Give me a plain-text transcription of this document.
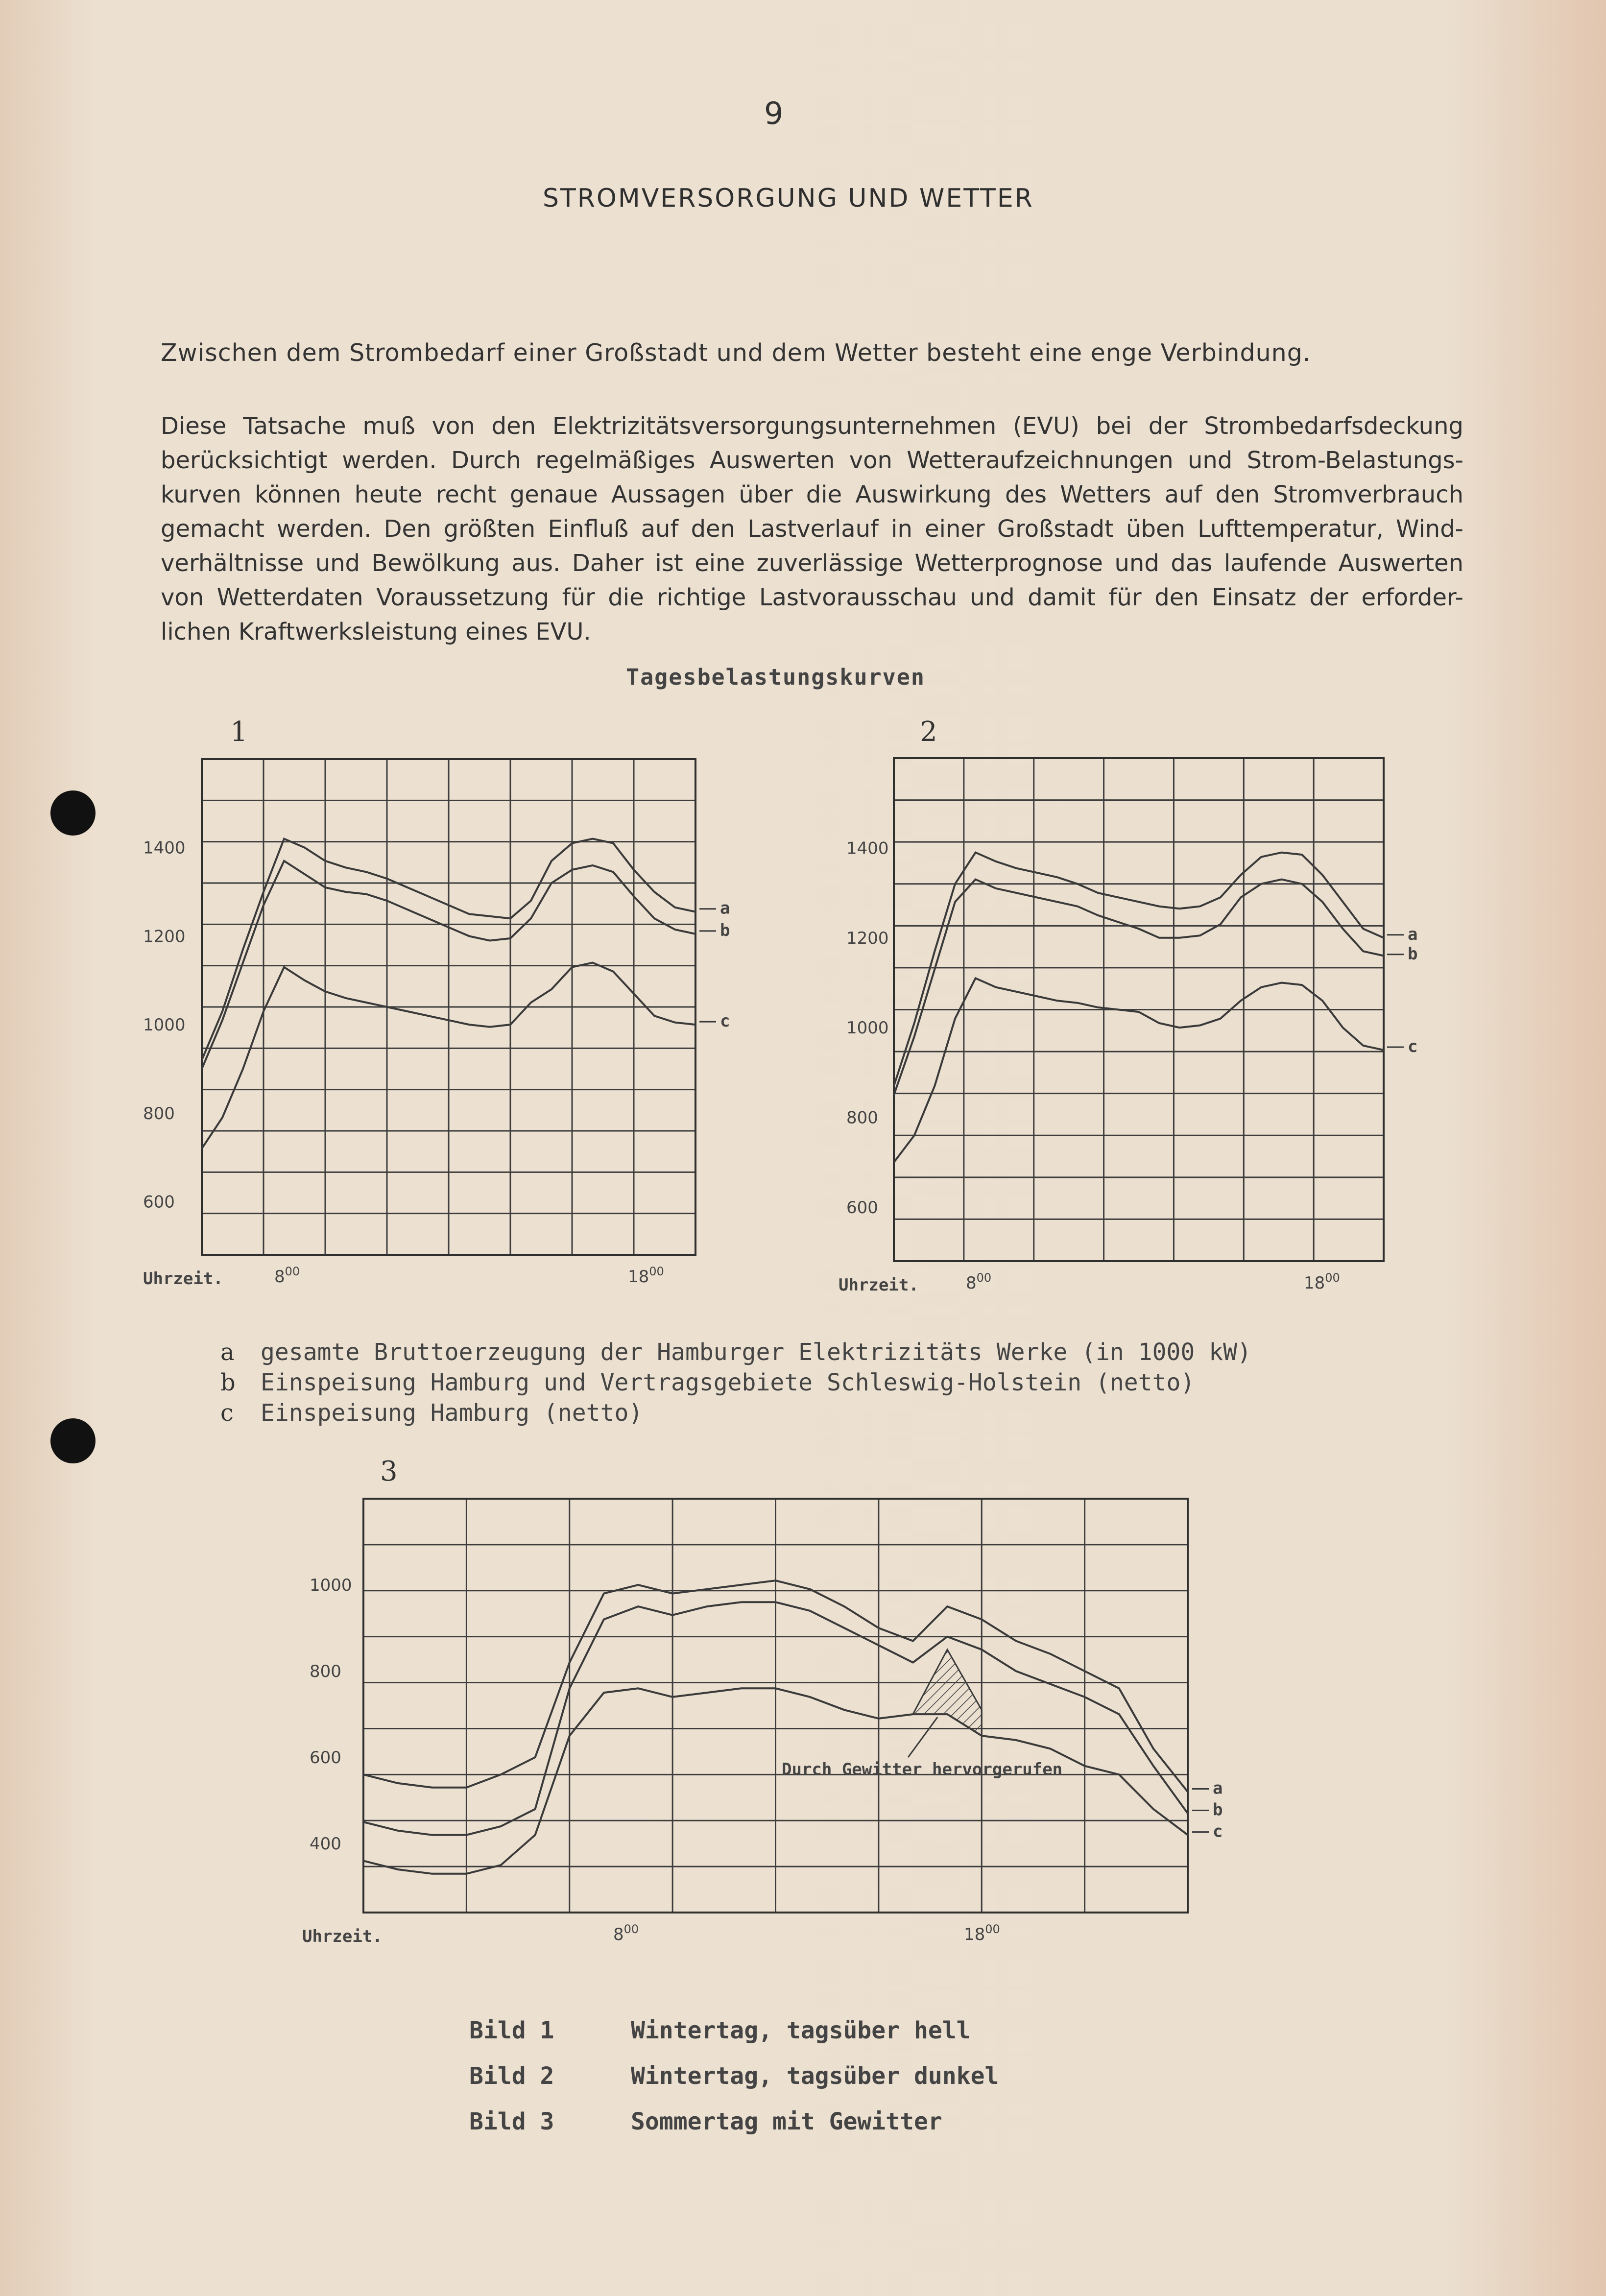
9
STROMVERSORGUNG UND WETTER
Zwischen dem Strombedarf einer Großstadt und dem Wetter besteht eine enge Verbindung.
Diese Tatsache muß von den Elektrizitätsversorgungsunternehmen (EVU) bei der Strombedarfsdeckung
berücksichtigt werden. Durch regelmäßiges Auswerten von Wetteraufzeichnungen und Strom-Belastungs-
kurven können heute recht genaue Aussagen über die Auswirkung des Wetters auf den Stromverbrauch
gemacht werden. Den größten Einfluß auf den Lastverlauf in einer Großstadt üben Lufttemperatur, Wind-
verhältnisse und Bewölkung aus. Daher ist eine zuverlässige Wetterprognose und das laufende Auswerten
von Wetterdaten Voraussetzung für die richtige Lastvorausschau und damit für den Einsatz der erforder-
lichen Kraftwerksleistung eines EVU.
Tagesbelastungskurven
1	2
3
1400
1200
1000
800
600
Uhrzeit.	$8^{00}$	$18^{00}$
a
b
c
1400
1200
1000
800
600
Uhrzeit.	$8^{00}$	$18^{00}$
a
b
c
1000
800
600
400
Uhrzeit.	$8^{00}$	$18^{00}$
Durch Gewitter hervorgerufen
a
b
c
a gesamte Bruttoerzeugung der Hamburger Elektrizitäts Werke (in 1000 kW)
b Einspeisung Hamburg und Vertragsgebiete Schleswig-Holstein (netto)
c Einspeisung Hamburg (netto)
Bild 1	Wintertag, tagsüber hell
Bild 2	Wintertag, tagsüber dunkel
Bild 3	Sommertag mit Gewitter
